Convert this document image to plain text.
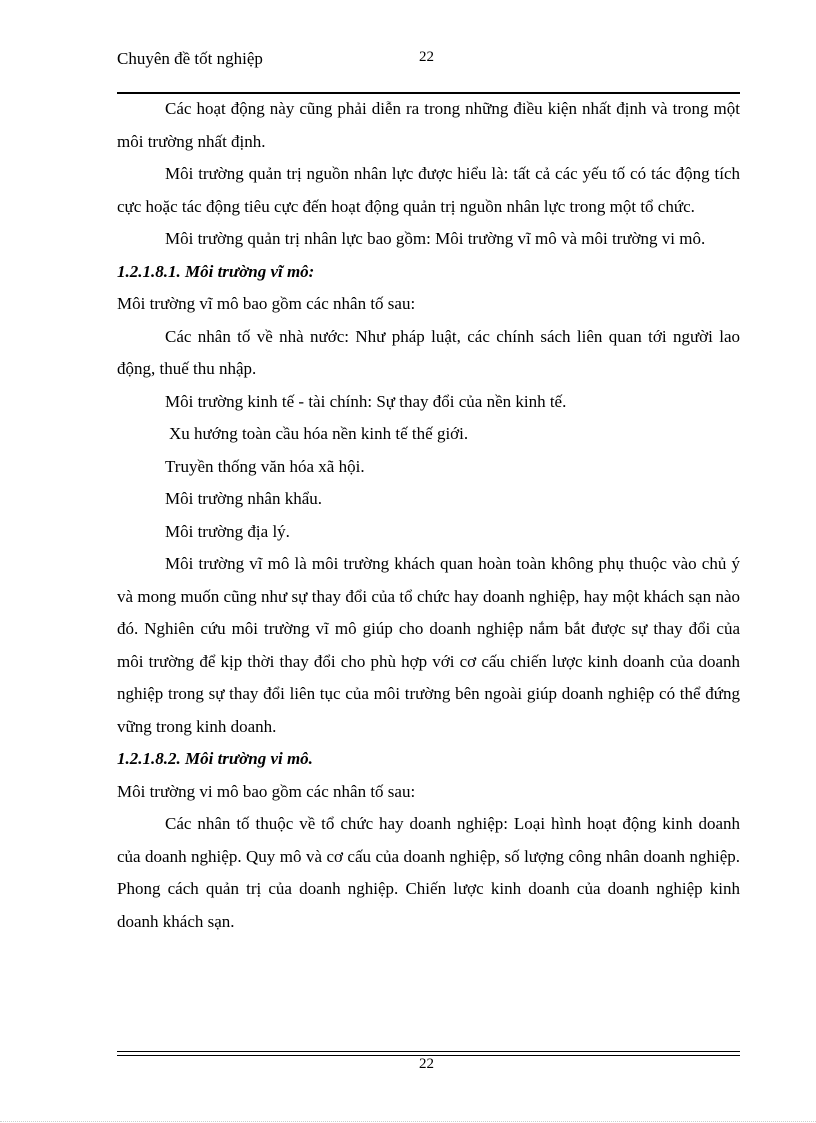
Chuyên đề tốt nghiệp	22

Các hoạt động này cũng phải diễn ra trong những điều kiện nhất định và trong một môi trường nhất định.

Môi trường quản trị nguồn nhân lực được hiểu là: tất cả các yếu tố có tác động tích cực hoặc tác động tiêu cực đến hoạt động quản trị nguồn nhân lực trong một tổ chức.

Môi trường quản trị nhân lực bao gồm: Môi trường vĩ mô và môi trường vi mô.

1.2.1.8.1. Môi trường vĩ mô:

Môi trường vĩ mô bao gồm các nhân tố sau:

Các nhân tố về nhà nước: Như pháp luật, các chính sách liên quan tới người lao động, thuế thu nhập.

Môi trường kinh tế - tài chính: Sự thay đổi của nền kinh tế.

Xu hướng toàn cầu hóa nền kinh tế thế giới.

Truyền thống văn hóa xã hội.

Môi trường nhân khẩu.

Môi trường địa lý.

Môi trường vĩ mô là môi trường khách quan hoàn toàn không phụ thuộc vào chủ ý và mong muốn cũng như sự thay đổi của tổ chức hay doanh nghiệp, hay một khách sạn nào đó. Nghiên cứu môi trường vĩ mô giúp cho doanh nghiệp nắm bắt được sự thay đổi của môi trường để kịp thời thay đổi cho phù hợp với cơ cấu chiến lược kinh doanh của doanh nghiệp trong sự thay đổi liên tục của môi trường bên ngoài giúp doanh nghiệp có thể đứng vững trong kinh doanh.

1.2.1.8.2. Môi trường vi mô.

Môi trường vi mô bao gồm các nhân tố sau:

Các nhân tố thuộc về tổ chức hay doanh nghiệp: Loại hình hoạt động kinh doanh của doanh nghiệp. Quy mô và cơ cấu của doanh nghiệp, số lượng công nhân doanh nghiệp. Phong cách quản trị của doanh nghiệp. Chiến lược kinh doanh của doanh nghiệp kinh doanh khách sạn.

22
